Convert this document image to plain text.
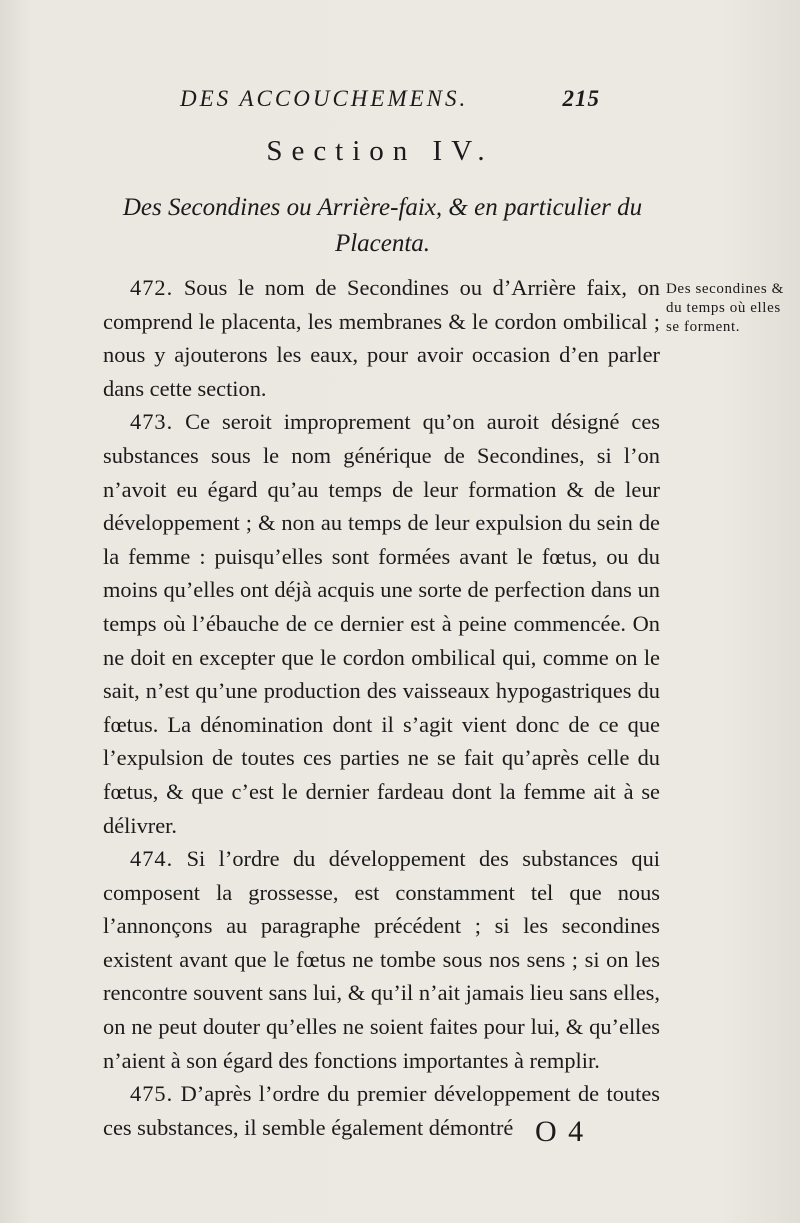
DES ACCOUCHEMENS.	215
Section IV.
Des Secondines ou Arrière-faix, & en particulier du Placenta.

472. Sous le nom de Secondines ou d’Arrière faix, on comprend le placenta, les membranes & le cordon ombilical ; nous y ajouterons les eaux, pour avoir occasion d’en parler dans cette section.

473. Ce seroit improprement qu’on auroit désigné ces substances sous le nom générique de Secondines, si l’on n’avoit eu égard qu’au temps de leur formation & de leur développement ; & non au temps de leur expulsion du sein de la femme : puisqu’elles sont formées avant le fœtus, ou du moins qu’elles ont déjà acquis une sorte de perfection dans un temps où l’ébauche de ce dernier est à peine commencée. On ne doit en excepter que le cordon ombilical qui, comme on le sait, n’est qu’une production des vaisseaux hypogastriques du fœtus. La dénomination dont il s’agit vient donc de ce que l’expulsion de toutes ces parties ne se fait qu’après celle du fœtus, & que c’est le dernier fardeau dont la femme ait à se délivrer.

474. Si l’ordre du développement des substances qui composent la grossesse, est constamment tel que nous l’annonçons au paragraphe précédent ; si les secondines existent avant que le fœtus ne tombe sous nos sens ; si on les rencontre souvent sans lui, & qu’il n’ait jamais lieu sans elles, on ne peut douter qu’elles ne soient faites pour lui, & qu’elles n’aient à son égard des fonctions importantes à remplir.

475. D’après l’ordre du premier développement de toutes ces substances, il semble également démontré

Des secondines & du temps où elles se forment.
O 4
